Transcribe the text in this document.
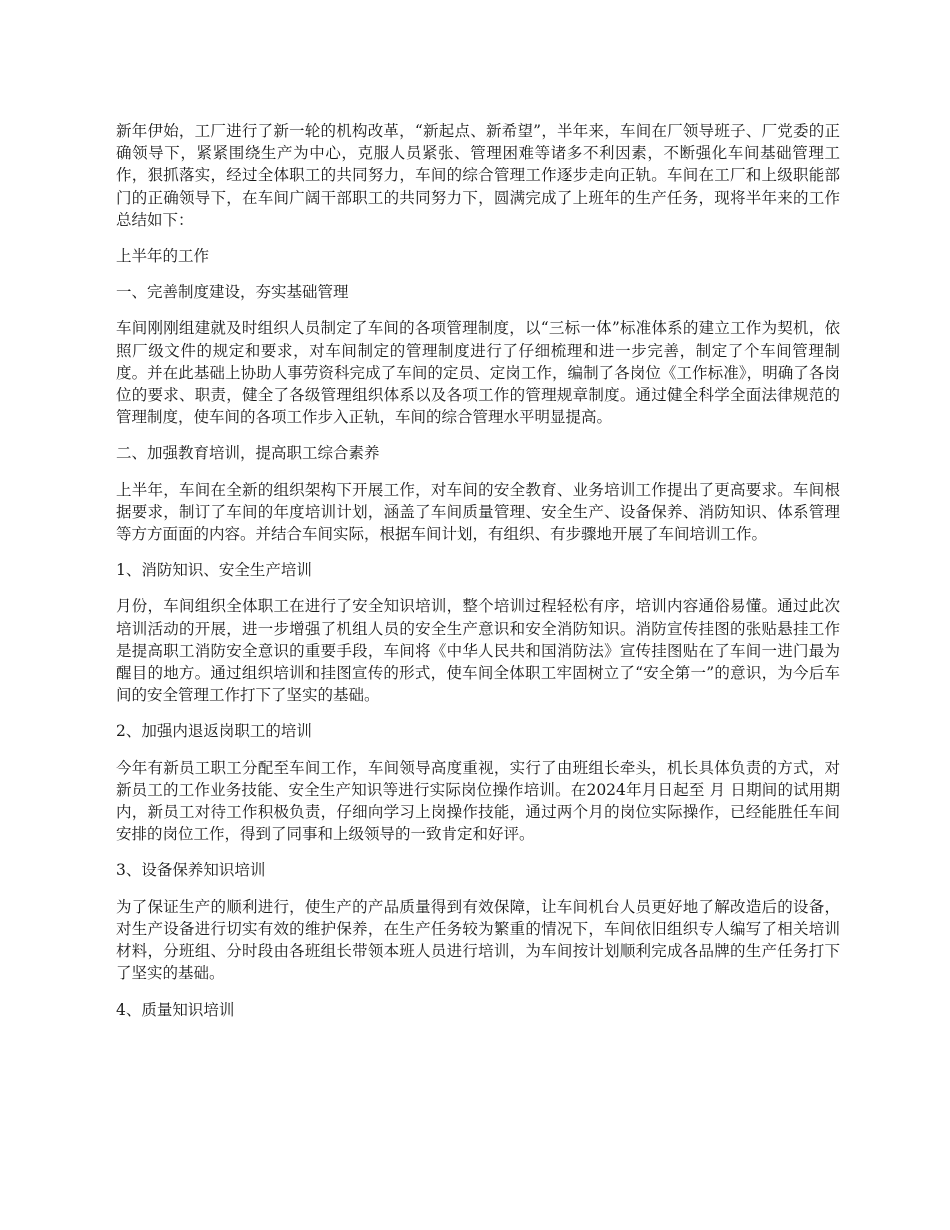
新年伊始，工厂进行了新一轮的机构改革，“新起点、新希望”，半年来，车间在厂领导班子、厂党委的正确领导下，紧紧围绕生产为中心，克服人员紧张、管理困难等诸多不利因素，不断强化车间基础管理工作，狠抓落实，经过全体职工的共同努力，车间的综合管理工作逐步走向正轨。车间在工厂和上级职能部门的正确领导下，在车间广阔干部职工的共同努力下，圆满完成了上班年的生产任务，现将半年来的工作总结如下：

上半年的工作

一、完善制度建设，夯实基础管理

车间刚刚组建就及时组织人员制定了车间的各项管理制度，以“三标一体”标准体系的建立工作为契机，依照厂级文件的规定和要求，对车间制定的管理制度进行了仔细梳理和进一步完善，制定了个车间管理制度。并在此基础上协助人事劳资科完成了车间的定员、定岗工作，编制了各岗位《工作标准》，明确了各岗位的要求、职责，健全了各级管理组织体系以及各项工作的管理规章制度。通过健全科学全面法律规范的管理制度，使车间的各项工作步入正轨，车间的综合管理水平明显提高。

二、加强教育培训，提高职工综合素养

上半年，车间在全新的组织架构下开展工作，对车间的安全教育、业务培训工作提出了更高要求。车间根据要求，制订了车间的年度培训计划，涵盖了车间质量管理、安全生产、设备保养、消防知识、体系管理等方方面面的内容。并结合车间实际，根据车间计划，有组织、有步骤地开展了车间培训工作。

1、消防知识、安全生产培训

月份，车间组织全体职工在进行了安全知识培训，整个培训过程轻松有序，培训内容通俗易懂。通过此次培训活动的开展，进一步增强了机组人员的安全生产意识和安全消防知识。消防宣传挂图的张贴悬挂工作是提高职工消防安全意识的重要手段，车间将《中华人民共和国消防法》宣传挂图贴在了车间一进门最为醒目的地方。通过组织培训和挂图宣传的形式，使车间全体职工牢固树立了“安全第一”的意识，为今后车间的安全管理工作打下了坚实的基础。

2、加强内退返岗职工的培训

今年有新员工职工分配至车间工作，车间领导高度重视，实行了由班组长牵头，机长具体负责的方式，对新员工的工作业务技能、安全生产知识等进行实际岗位操作培训。在2024年月日起至 月 日期间的试用期内，新员工对待工作积极负责，仔细向学习上岗操作技能，通过两个月的岗位实际操作，已经能胜任车间安排的岗位工作，得到了同事和上级领导的一致肯定和好评。

3、设备保养知识培训

为了保证生产的顺利进行，使生产的产品质量得到有效保障，让车间机台人员更好地了解改造后的设备，对生产设备进行切实有效的维护保养，在生产任务较为繁重的情况下，车间依旧组织专人编写了相关培训材料，分班组、分时段由各班组长带领本班人员进行培训，为车间按计划顺利完成各品牌的生产任务打下了坚实的基础。

4、质量知识培训
